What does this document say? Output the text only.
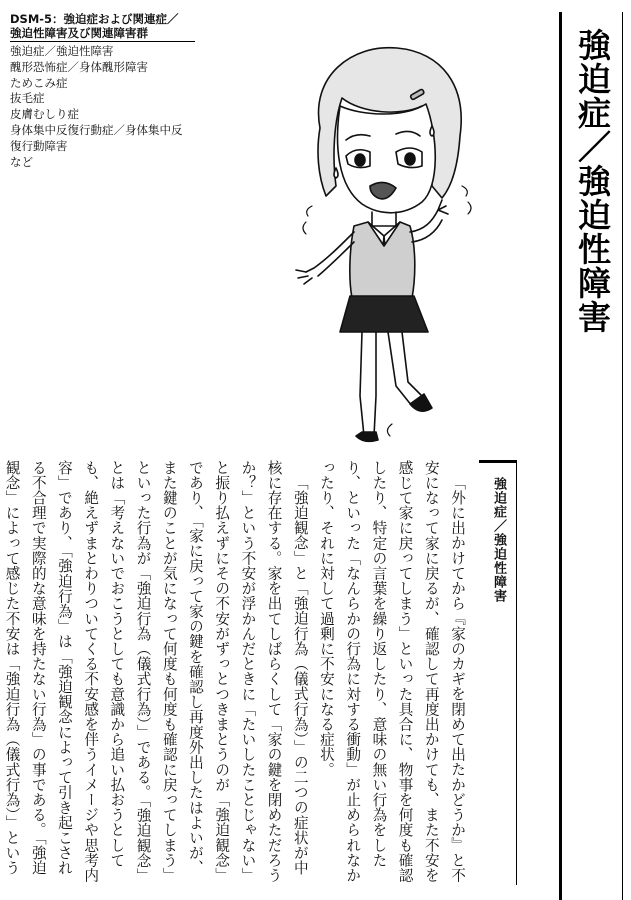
DSM-5：強迫症および関連症／
強迫性障害及び関連障害群
強迫症／強迫性障害
醜形恐怖症／身体醜形障害
ためこみ症
抜毛症
皮膚むしり症
身体集中反復行動症／身体集中反
復行動障害
など	強迫症／強迫性障害
強迫症／強迫性障害

「外に出かけてから『家のカギを閉めて出たかどうか』と不安になって家に戻るが、確認して再度出かけても、また不安を感じて家に戻ってしまう」といった具合に、物事を何度も確認したり、特定の言葉を繰り返したり、意味の無い行為をしたり、といった「なんらかの行為に対する衝動」が止められなかったり、それに対して過剰に不安になる症状。

「強迫観念」と「強迫行為（儀式行為）」の二つの症状が中核に存在する。家を出てしばらくして「家の鍵を閉めただろうか？」という不安が浮かんだときに「たいしたことじゃない」と振り払えずにその不安がずっとつきまとうのが「強迫観念」であり、「家に戻って家の鍵を確認し再度外出したはよいが、また鍵のことが気になって何度も何度も確認に戻ってしまう」といった行為が「強迫行為（儀式行為）」である。「強迫観念」とは「考えないでおこうとしても意識から追い払おうとしても、絶えずまとわりついてくる不安感を伴うイメージや思考内容」であり、「強迫行為」は「強迫観念によって引き起こされる不合理で実際的な意味を持たない行為」の事である。「強迫観念」によって感じた不安は「強迫行為（儀式行為）」という
